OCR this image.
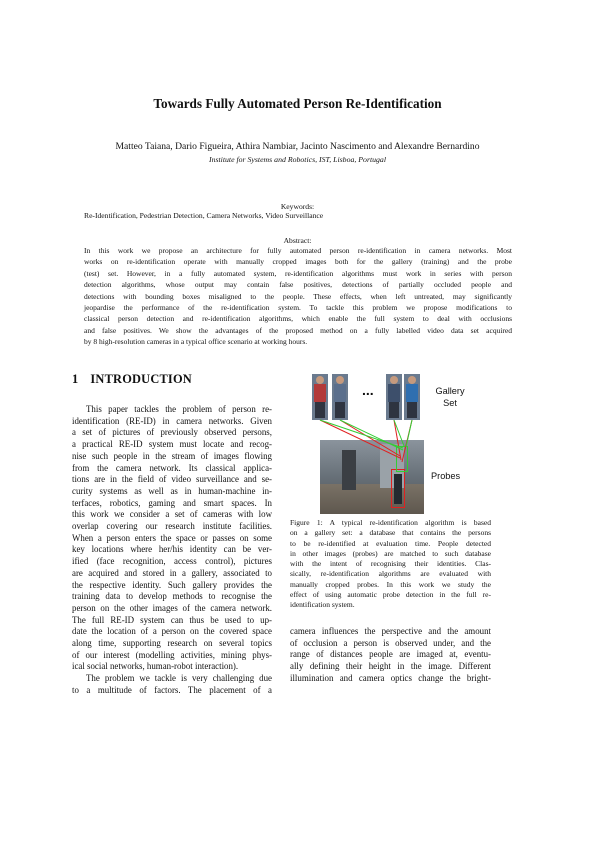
Towards Fully Automated Person Re-Identification
Matteo Taiana, Dario Figueira, Athira Nambiar, Jacinto Nascimento and Alexandre Bernardino
Institute for Systems and Robotics, IST, Lisboa, Portugal
Keywords:
Re-Identification, Pedestrian Detection, Camera Networks, Video Surveillance
Abstract:
In this work we propose an architecture for fully automated person re-identification in camera networks. Most
works on re-identification operate with manually cropped images both for the gallery (training) and the probe
(test) set. However, in a fully automated system, re-identification algorithms must work in series with person
detection algorithms, whose output may contain false positives, detections of partially occluded people and
detections with bounding boxes misaligned to the people. These effects, when left untreated, may significantly
jeopardise the performance of the re-identification system. To tackle this problem we propose modifications to
classical person detection and re-identification algorithms, which enable the full system to deal with occlusions
and false positives. We show the advantages of the proposed method on a fully labelled video data set acquired
by 8 high-resolution cameras in a typical office scenario at working hours.
1 INTRODUCTION
This paper tackles the problem of person re-
identification (RE-ID) in camera networks. Given
a set of pictures of previously observed persons,
a practical RE-ID system must locate and recog-
nise such people in the stream of images flowing
from the camera network. Its classical applica-
tions are in the field of video surveillance and se-
curity systems as well as in human-machine in-
terfaces, robotics, gaming and smart spaces. In
this work we consider a set of cameras with low
overlap covering our research institute facilities.
When a person enters the space or passes on some
key locations where her/his identity can be ver-
ified (face recognition, access control), pictures
are acquired and stored in a gallery, associated to
the respective identity. Such gallery provides the
training data to develop methods to recognise the
person on the other images of the camera network.
The full RE-ID system can thus be used to up-
date the location of a person on the covered space
along time, supporting research on several topics
of our interest (modelling activities, mining phys-
ical social networks, human-robot interaction).
The problem we tackle is very challenging due
to a multitude of factors. The placement of a
...	Gallery
Set
Probes
Figure 1: A typical re-identification algorithm is based
on a gallery set: a database that contains the persons
to be re-identified at evaluation time. People detected
in other images (probes) are matched to such database
with the intent of recognising their identities. Clas-
sically, re-identification algorithms are evaluated with
manually cropped probes. In this work we study the
effect of using automatic probe detection in the full re-
identification system.
camera influences the perspective and the amount
of occlusion a person is observed under, and the
range of distances people are imaged at, eventu-
ally defining their height in the image. Different
illumination and camera optics change the bright-
